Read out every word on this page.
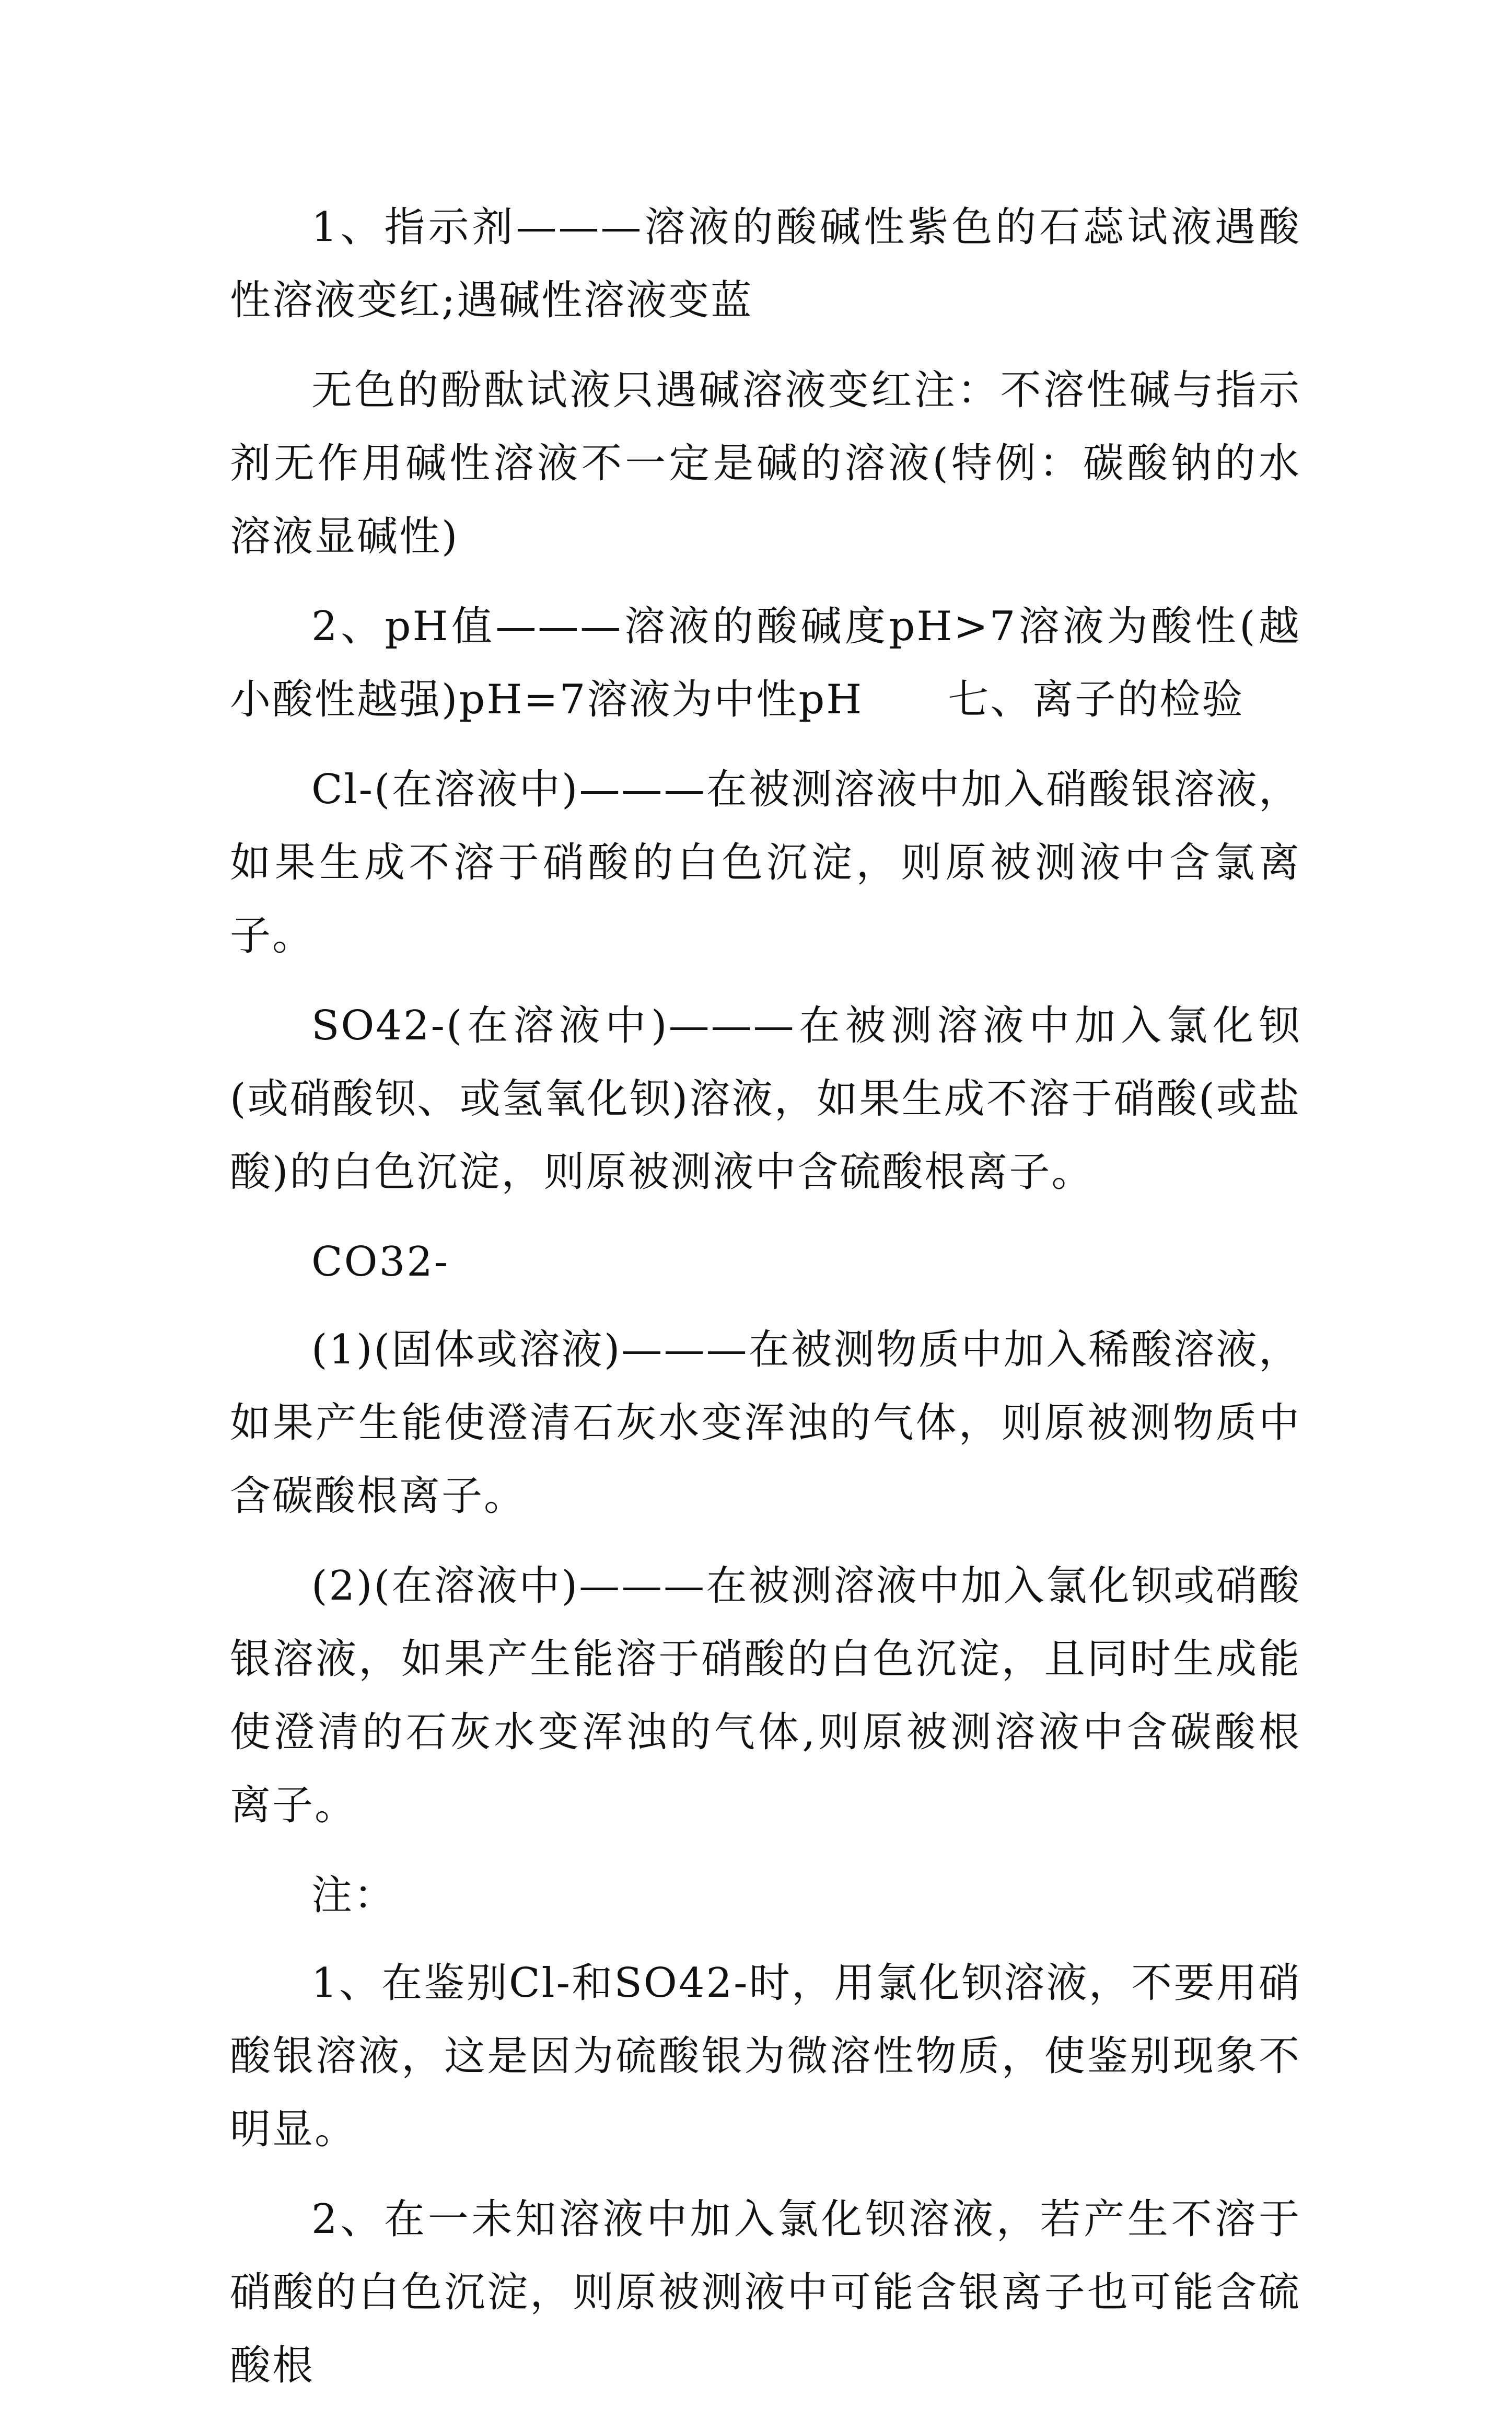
1、指示剂———溶液的酸碱性紫色的石蕊试液遇酸性溶液变红;遇碱性溶液变蓝

无色的酚酞试液只遇碱溶液变红注：不溶性碱与指示剂无作用碱性溶液不一定是碱的溶液(特例：碳酸钠的水溶液显碱性)

2、pH值———溶液的酸碱度pH>7溶液为酸性(越小酸性越强)pH=7溶液为中性pH　　七、离子的检验

Cl-(在溶液中)———在被测溶液中加入硝酸银溶液，如果生成不溶于硝酸的白色沉淀，则原被测液中含氯离子。

SO42-(在溶液中)———在被测溶液中加入氯化钡(或硝酸钡、或氢氧化钡)溶液，如果生成不溶于硝酸(或盐酸)的白色沉淀，则原被测液中含硫酸根离子。

CO32-

(1)(固体或溶液)———在被测物质中加入稀酸溶液，如果产生能使澄清石灰水变浑浊的气体，则原被测物质中含碳酸根离子。

(2)(在溶液中)———在被测溶液中加入氯化钡或硝酸银溶液，如果产生能溶于硝酸的白色沉淀，且同时生成能使澄清的石灰水变浑浊的气体,则原被测溶液中含碳酸根离子。

注：

1、在鉴别Cl-和SO42-时，用氯化钡溶液，不要用硝酸银溶液，这是因为硫酸银为微溶性物质，使鉴别现象不明显。

2、在一未知溶液中加入氯化钡溶液，若产生不溶于硝酸的白色沉淀，则原被测液中可能含银离子也可能含硫酸根
